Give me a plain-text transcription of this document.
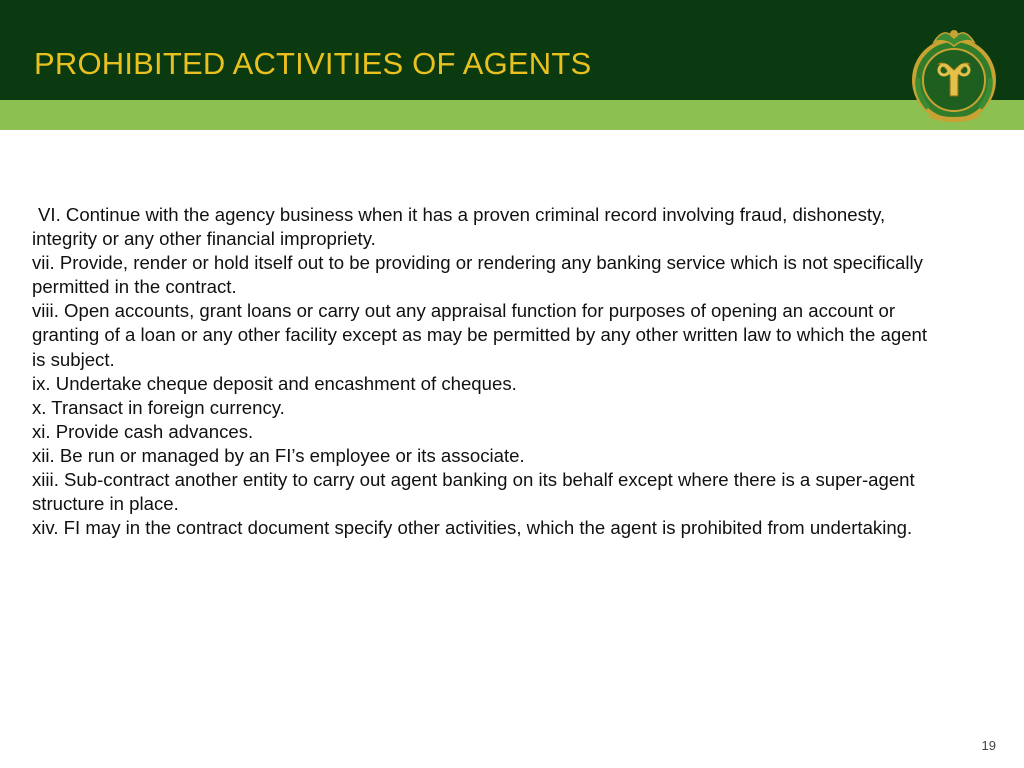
PROHIBITED ACTIVITIES OF AGENTS
VI. Continue with the agency business when it has a proven criminal record involving fraud, dishonesty, integrity or any other financial impropriety.
vii. Provide, render or hold itself out to be providing or rendering any banking service which is not specifically permitted in the contract.
viii. Open accounts, grant loans or carry out any appraisal function for purposes of opening an account or granting of a loan or any other facility except as may be permitted by any other written law to which the agent is subject.
ix. Undertake cheque deposit and encashment of cheques.
x. Transact in foreign currency.
xi. Provide cash advances.
xii. Be run or managed by an FI’s employee or its associate.
xiii. Sub-contract another entity to carry out agent banking on its behalf except where there is a super-agent structure in place.
xiv. FI may in the contract document specify other activities, which the agent is prohibited from undertaking.
19
